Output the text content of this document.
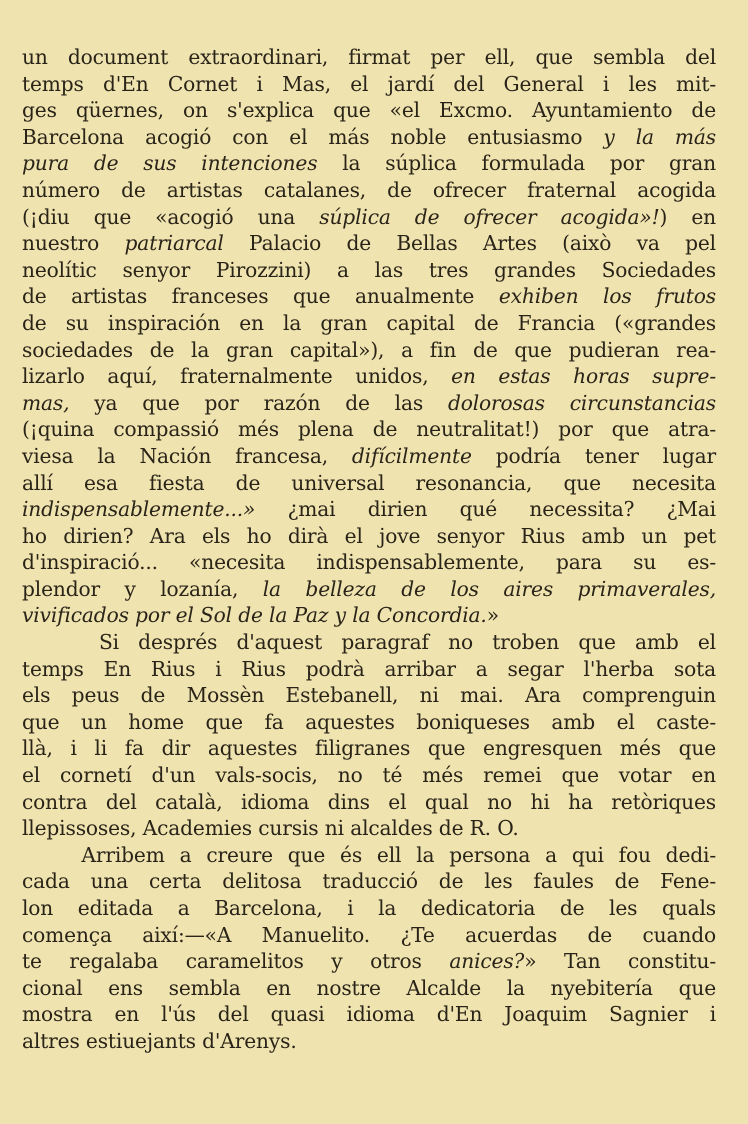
un document extraordinari, firmat per ell, que sembla del
temps d'En Cornet i Mas, el jardí del General i les mit-
ges qüernes, on s'explica que «el Excmo. Ayuntamiento de
Barcelona acogió con el más noble entusiasmo y la más
pura de sus intenciones la súplica formulada por gran
número de artistas catalanes, de ofrecer fraternal acogida
(¡diu que «acogió una súplica de ofrecer acogida»!) en
nuestro patriarcal Palacio de Bellas Artes (això va pel
neolític senyor Pirozzini) a las tres grandes Sociedades
de artistas franceses que anualmente exhiben los frutos
de su inspiración en la gran capital de Francia («grandes
sociedades de la gran capital»), a fin de que pudieran rea-
lizarlo aquí, fraternalmente unidos, en estas horas supre-
mas, ya que por razón de las dolorosas circunstancias
(¡quina compassió més plena de neutralitat!) por que atra-
viesa la Nación francesa, difícilmente podría tener lugar
allí esa fiesta de universal resonancia, que necesita
indispensablemente...» ¿mai dirien qué necessita? ¿Mai
ho dirien? Ara els ho dirà el jove senyor Rius amb un pet
d'inspiració... «necesita indispensablemente, para su es-
plendor y lozanía, la belleza de los aires primaverales,
vivificados por el Sol de la Paz y la Concordia.»
Si després d'aquest paragraf no troben que amb el
temps En Rius i Rius podrà arribar a segar l'herba sota
els peus de Mossèn Estebanell, ni mai. Ara comprenguin
que un home que fa aquestes boniqueses amb el caste-
llà, i li fa dir aquestes filigranes que engresquen més que
el cornetí d'un vals-socis, no té més remei que votar en
contra del català, idioma dins el qual no hi ha retòriques
llepissoses, Academies cursis ni alcaldes de R. O.
Arribem a creure que és ell la persona a qui fou dedi-
cada una certa delitosa traducció de les faules de Fene-
lon editada a Barcelona, i la dedicatoria de les quals
comença així:—«A Manuelito. ¿Te acuerdas de cuando
te regalaba caramelitos y otros anices?» Tan constitu-
cional ens sembla en nostre Alcalde la nyebitería que
mostra en l'ús del quasi idioma d'En Joaquim Sagnier i
altres estiuejants d'Arenys.
